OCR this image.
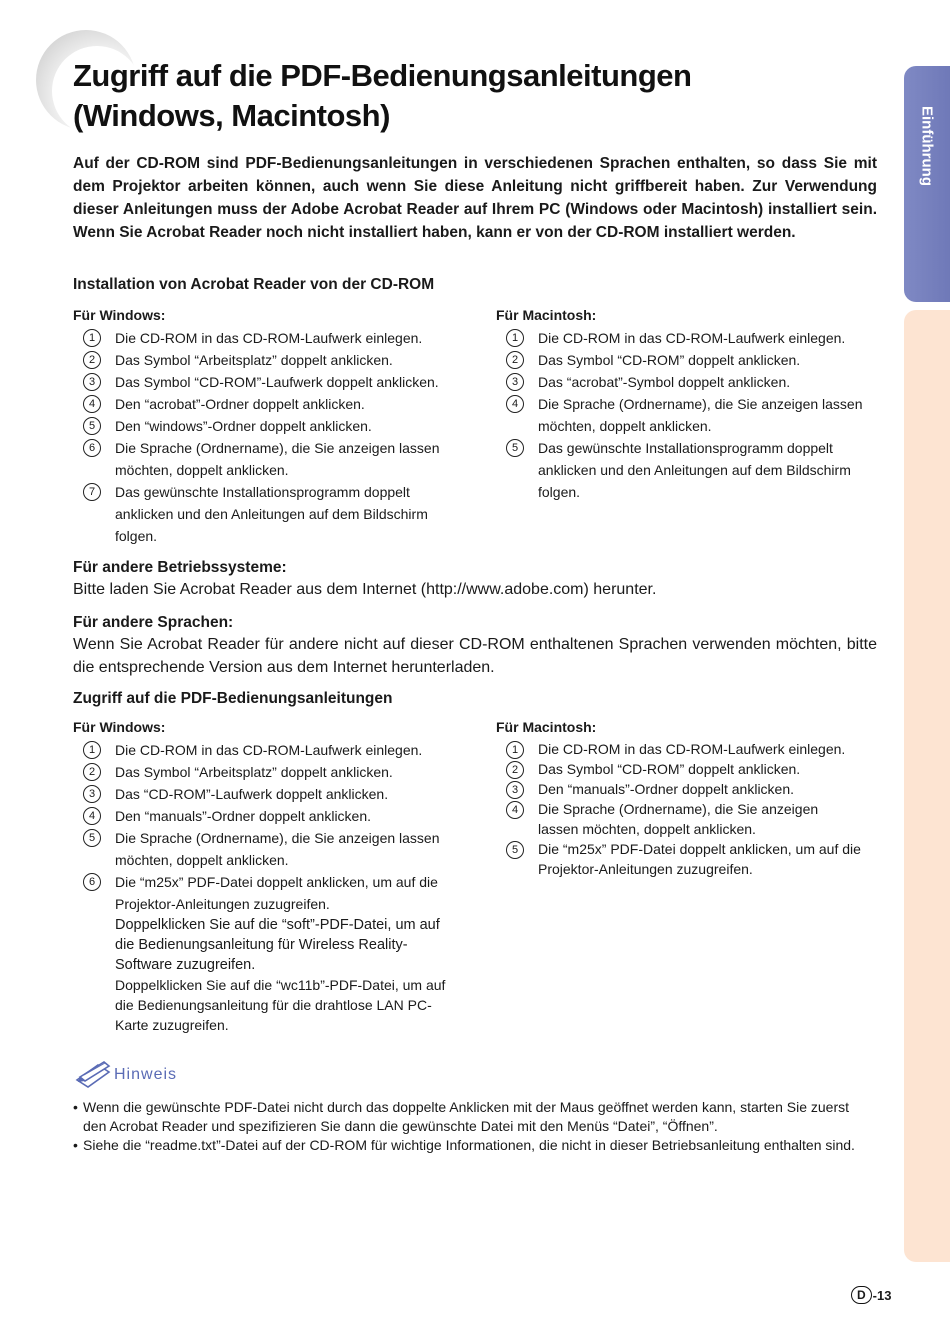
Einführung
Zugriff auf die PDF-Bedienungsanleitungen
(Windows, Macintosh)

Auf der CD-ROM sind PDF-Bedienungsanleitungen in verschiedenen Sprachen enthalten, so dass Sie mit dem Projektor arbeiten können, auch wenn Sie diese Anleitung nicht griffbereit haben. Zur Verwendung dieser Anleitungen muss der Adobe Acrobat Reader auf Ihrem PC (Windows oder Macintosh) installiert sein. Wenn Sie Acrobat Reader noch nicht installiert haben, kann er von der CD-ROM installiert werden.

Installation von Acrobat Reader von der CD-ROM

Für Windows:

1	Die CD-ROM in das CD-ROM-Laufwerk einlegen.
2	Das Symbol “Arbeitsplatz” doppelt anklicken.
3	Das Symbol “CD-ROM”-Laufwerk doppelt anklicken.
4	Den “acrobat”-Ordner doppelt anklicken.
5	Den “windows”-Ordner doppelt anklicken.
6	Die Sprache (Ordnername), die Sie anzeigen lassen möchten, doppelt anklicken.
7	Das gewünschte Installationsprogramm doppelt anklicken und den Anleitungen auf dem Bildschirm folgen.

Für Macintosh:

1	Die CD-ROM in das CD-ROM-Laufwerk einlegen.
2	Das Symbol “CD-ROM” doppelt anklicken.
3	Das “acrobat”-Symbol doppelt anklicken.
4	Die Sprache (Ordnername), die Sie anzeigen lassen möchten, doppelt anklicken.
5	Das gewünschte Installationsprogramm doppelt anklicken und den Anleitungen auf dem Bildschirm folgen.

Für andere Betriebssysteme:

Bitte laden Sie Acrobat Reader aus dem Internet (http://www.adobe.com) herunter.

Für andere Sprachen:

Wenn Sie Acrobat Reader für andere nicht auf dieser CD-ROM enthaltenen Sprachen verwenden möchten, bitte die entsprechende Version aus dem Internet herunterladen.

Zugriff auf die PDF-Bedienungsanleitungen

Für Windows:

1	Die CD-ROM in das CD-ROM-Laufwerk einlegen.
2	Das Symbol “Arbeitsplatz” doppelt anklicken.
3	Das “CD-ROM”-Laufwerk doppelt anklicken.
4	Den “manuals”-Ordner doppelt anklicken.
5	Die Sprache (Ordnername), die Sie anzeigen lassen möchten, doppelt anklicken.
6	Die “m25x” PDF-Datei doppelt anklicken, um auf die Projektor-Anleitungen zuzugreifen.
Doppelklicken Sie auf die “soft”-PDF-Datei, um auf die Bedienungsanleitung für Wireless Reality-Software zuzugreifen.
Doppelklicken Sie auf die “wc11b”-PDF-Datei, um auf die Bedienungsanleitung für die drahtlose LAN PC-Karte zuzugreifen.

Für Macintosh:

1	Die CD-ROM in das CD-ROM-Laufwerk einlegen.
2	Das Symbol “CD-ROM” doppelt anklicken.
3	Den “manuals”-Ordner doppelt anklicken.
4	Die Sprache (Ordnername), die Sie anzeigen lassen möchten, doppelt anklicken.
5	Die “m25x” PDF-Datei doppelt anklicken, um auf die Projektor-Anleitungen zuzugreifen.
Hinweis
• Wenn die gewünschte PDF-Datei nicht durch das doppelte Anklicken mit der Maus geöffnet werden kann, starten Sie zuerst den Acrobat Reader und spezifizieren Sie dann die gewünschte Datei mit den Menüs “Datei”, “Öffnen”.
• Siehe die “readme.txt”-Datei auf der CD-ROM für wichtige Informationen, die nicht in dieser Betriebsanleitung enthalten sind.
D -13
